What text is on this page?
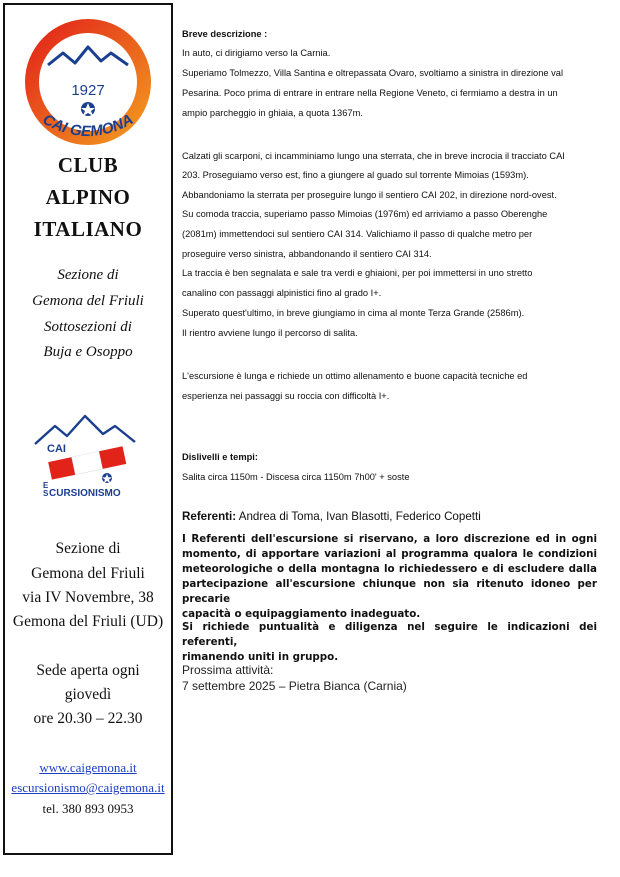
1927
CAI GEMONA
CLUB
ALPINO
ITALIANO
Sezione di
Gemona del Friuli
Sottosezioni di
Buja e Osoppo
CAI
E
S CURSIONISMO
Sezione di
Gemona del Friuli
via IV Novembre, 38
Gemona del Friuli (UD)
Sede aperta ogni
giovedì
ore 20.30 – 22.30
www.caigemona.it
escursionismo@caigemona.it
tel. 380 893 0953
Breve descrizione :
In auto, ci dirigiamo verso la Carnia.
Superiamo Tolmezzo, Villa Santina e oltrepassata Ovaro, svoltiamo a sinistra in direzione val
Pesarina. Poco prima di entrare in entrare nella Regione Veneto, ci fermiamo a destra in un
ampio parcheggio in ghiaia, a quota 1367m.
Calzati gli scarponi, ci incamminiamo lungo una sterrata, che in breve incrocia il tracciato CAI
203. Proseguiamo verso est, fino a giungere al guado sul torrente Mimoias (1593m).
Abbandoniamo la sterrata per proseguire lungo il sentiero CAI 202, in direzione nord-ovest.
Su comoda traccia, superiamo passo Mimoias (1976m) ed arriviamo a passo Oberenghe
(2081m) immettendoci sul sentiero CAI 314. Valichiamo il passo di qualche metro per
proseguire verso sinistra, abbandonando il sentiero CAI 314.
La traccia è ben segnalata e sale tra verdi e ghiaioni, per poi immettersi in uno stretto
canalino con passaggi alpinistici fino al grado I+.
Superato quest'ultimo, in breve giungiamo in cima al monte Terza Grande (2586m).
Il rientro avviene lungo il percorso di salita.
L'escursione è lunga e richiede un ottimo allenamento e buone capacità tecniche ed
esperienza nei passaggi su roccia con difficoltà I+.
Dislivelli e tempi:
Salita circa 1150m - Discesa circa 1150m 7h00' + soste
Referenti: Andrea di Toma, Ivan Blasotti, Federico Copetti
I Referenti dell'escursione si riservano, a loro discrezione ed in ogni
momento, di apportare variazioni al programma qualora le condizioni
meteorologiche o della montagna lo richiedessero e di escludere dalla
partecipazione all'escursione chiunque non sia ritenuto idoneo per precarie
capacità o equipaggiamento inadeguato.
Si richiede puntualità e diligenza nel seguire le indicazioni dei referenti,
rimanendo uniti in gruppo.
Prossima attività:
7 settembre 2025 – Pietra Bianca (Carnia)
